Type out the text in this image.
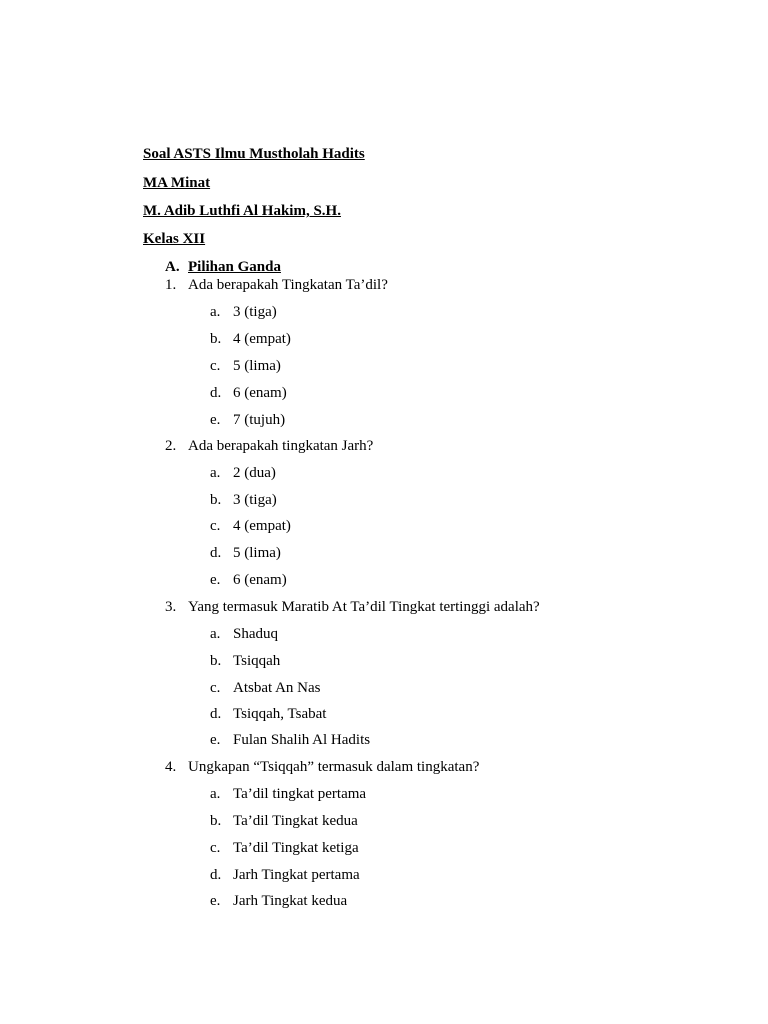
Soal ASTS Ilmu Mustholah Hadits
MA Minat
M. Adib Luthfi Al Hakim, S.H.
Kelas XII
A. Pilihan Ganda
1. Ada berapakah Tingkatan Ta’dil?
a. 3 (tiga)
b. 4 (empat)
c. 5 (lima)
d. 6 (enam)
e. 7 (tujuh)
2. Ada berapakah tingkatan Jarh?
a. 2 (dua)
b. 3 (tiga)
c. 4 (empat)
d. 5 (lima)
e. 6 (enam)
3. Yang termasuk Maratib At Ta’dil Tingkat tertinggi adalah?
a. Shaduq
b. Tsiqqah
c. Atsbat An Nas
d. Tsiqqah, Tsabat
e. Fulan Shalih Al Hadits
4. Ungkapan “Tsiqqah” termasuk dalam tingkatan?
a. Ta’dil tingkat pertama
b. Ta’dil Tingkat kedua
c. Ta’dil Tingkat ketiga
d. Jarh Tingkat pertama
e. Jarh Tingkat kedua
